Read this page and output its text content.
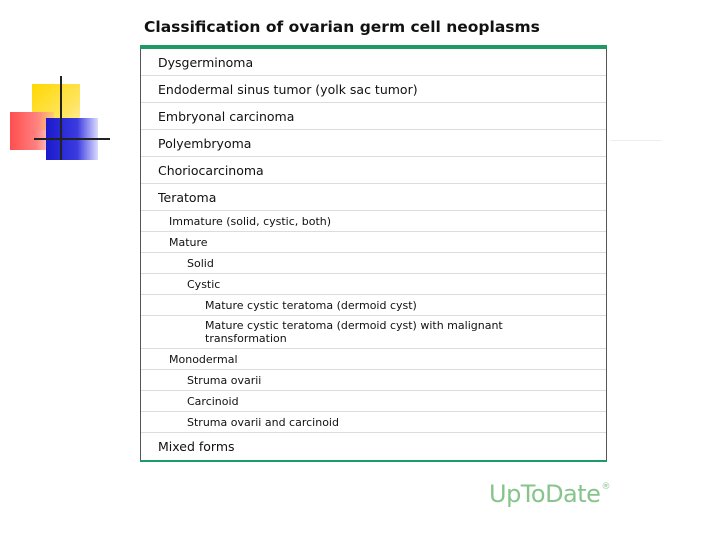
Classification of ovarian germ cell neoplasms
Dysgerminoma
Endodermal sinus tumor (yolk sac tumor)
Embryonal carcinoma
Polyembryoma
Choriocarcinoma
Teratoma
Immature (solid, cystic, both)
Mature
Solid
Cystic
Mature cystic teratoma (dermoid cyst)
Mature cystic teratoma (dermoid cyst) with malignant transformation
Monodermal
Struma ovarii
Carcinoid
Struma ovarii and carcinoid
Mixed forms
UpToDate®
